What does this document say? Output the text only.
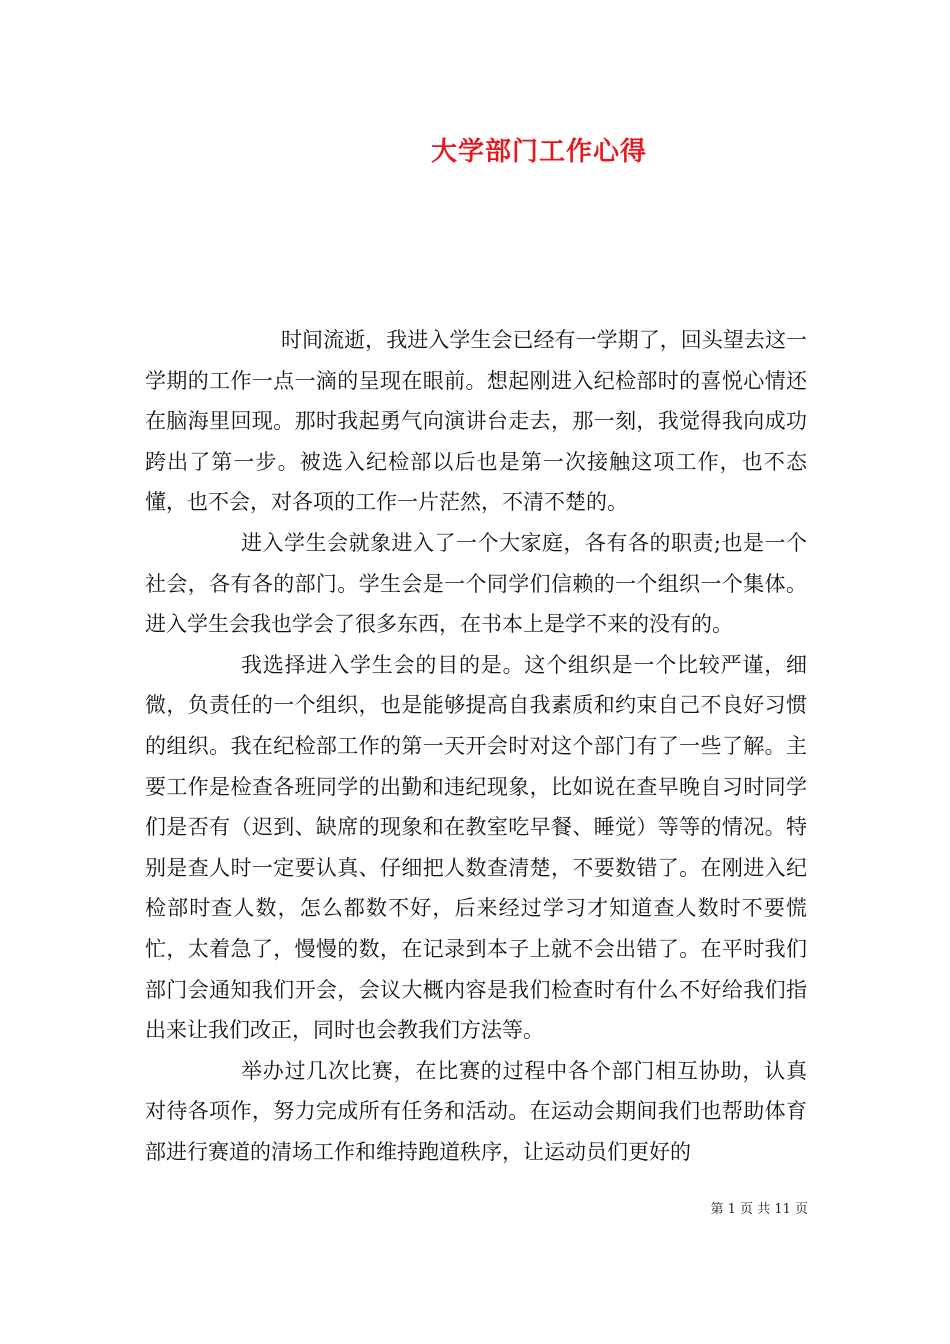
大学部门工作心得

时间流逝，我进入学生会已经有一学期了，回头望去这一学期的工作一点一滴的呈现在眼前。想起刚进入纪检部时的喜悦心情还在脑海里回现。那时我起勇气向演讲台走去，那一刻，我觉得我向成功跨出了第一步。被选入纪检部以后也是第一次接触这项工作，也不态懂，也不会，对各项的工作一片茫然，不清不楚的。

进入学生会就象进入了一个大家庭，各有各的职责;也是一个社会，各有各的部门。学生会是一个同学们信赖的一个组织一个集体。进入学生会我也学会了很多东西，在书本上是学不来的没有的。

我选择进入学生会的目的是。这个组织是一个比较严谨，细微，负责任的一个组织，也是能够提高自我素质和约束自己不良好习惯的组织。我在纪检部工作的第一天开会时对这个部门有了一些了解。主要工作是检查各班同学的出勤和违纪现象，比如说在查早晚自习时同学们是否有（迟到、缺席的现象和在教室吃早餐、睡觉）等等的情况。特别是查人时一定要认真、仔细把人数查清楚，不要数错了。在刚进入纪检部时查人数，怎么都数不好，后来经过学习才知道查人数时不要慌忙，太着急了，慢慢的数，在记录到本子上就不会出错了。在平时我们部门会通知我们开会，会议大概内容是我们检查时有什么不好给我们指出来让我们改正，同时也会教我们方法等。

举办过几次比赛，在比赛的过程中各个部门相互协助，认真对待各项作，努力完成所有任务和活动。在运动会期间我们也帮助体育部进行赛道的清场工作和维持跑道秩序，让运动员们更好的

第 1 页 共 11 页
